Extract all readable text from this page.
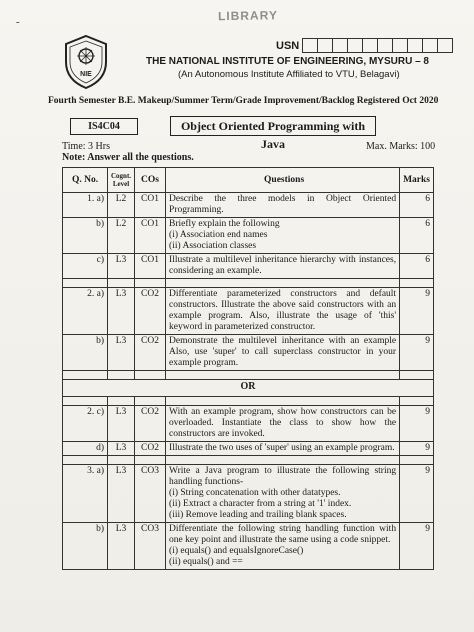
-	LIBRARY
NIE
USN
THE NATIONAL INSTITUTE OF ENGINEERING, MYSURU – 8
(An Autonomous Institute Affiliated to VTU, Belagavi)
Fourth Semester B.E. Makeup/Summer Term/Grade Improvement/Backlog Registered Oct 2020
IS4C04	Object Oriented Programming with Java
Time: 3 Hrs	Max. Marks: 100
Note: Answer all the questions.
Q. No.	Cognt. Level	COs	Questions	Marks
1. a)	L2	CO1	Describe the three models in Object Oriented Programming.	6
b)	L2	CO1	Briefly explain the following
(i) Association end names
(ii) Association classes	6
c)	L3	CO1	Illustrate a multilevel inheritance hierarchy with instances, considering an example.	6

2. a)	L3	CO2	Differentiate parameterized constructors and default constructors. Illustrate the above said constructors with an example program. Also, illustrate the usage of 'this' keyword in parameterized constructor.	9
b)	L3	CO2	Demonstrate the multilevel inheritance with an example Also, use 'super' to call superclass constructor in your example program.	9

OR				

2. c)	L3	CO2	With an example program, show how constructors can be overloaded. Instantiate the class to show how the constructors are invoked.	9
d)	L3	CO2	Illustrate the two uses of 'super' using an example program.	9

3. a)	L3	CO3	Write a Java program to illustrate the following string handling functions-
(i) String concatenation with other datatypes.
(ii) Extract a character from a string at '1' index.
(iii) Remove leading and trailing blank spaces.	9
b)	L3	CO3	Differentiate the following string handling function with one key point and illustrate the same using a code snippet.
(i) equals() and equalsIgnoreCase()
(ii) equals() and ==	9
